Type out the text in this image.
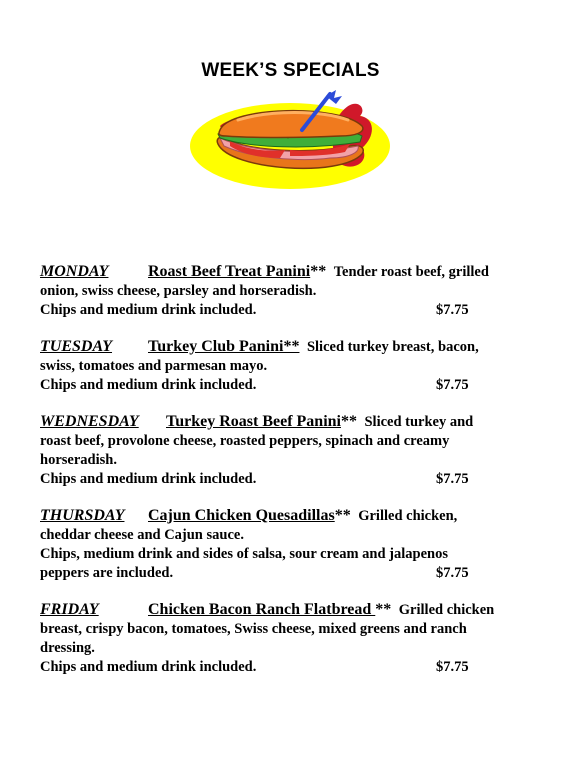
WEEK’S SPECIALS
MONDAY Roast Beef Treat Panini** Tender roast beef, grilled
onion, swiss cheese, parsley and horseradish.
Chips and medium drink included.	$7.75
TUESDAY Turkey Club Panini** Sliced turkey breast, bacon,
swiss, tomatoes and parmesan mayo.
Chips and medium drink included.	$7.75
WEDNESDAY Turkey Roast Beef Panini** Sliced turkey and
roast beef, provolone cheese, roasted peppers, spinach and creamy
horseradish.
Chips and medium drink included.	$7.75
THURSDAY Cajun Chicken Quesadillas** Grilled chicken,
cheddar cheese and Cajun sauce.
Chips, medium drink and sides of salsa, sour cream and jalapenos
peppers are included.	$7.75
FRIDAY	Chicken Bacon Ranch Flatbread ** Grilled chicken
breast, crispy bacon, tomatoes, Swiss cheese, mixed greens and ranch
dressing.
Chips and medium drink included.	$7.75
